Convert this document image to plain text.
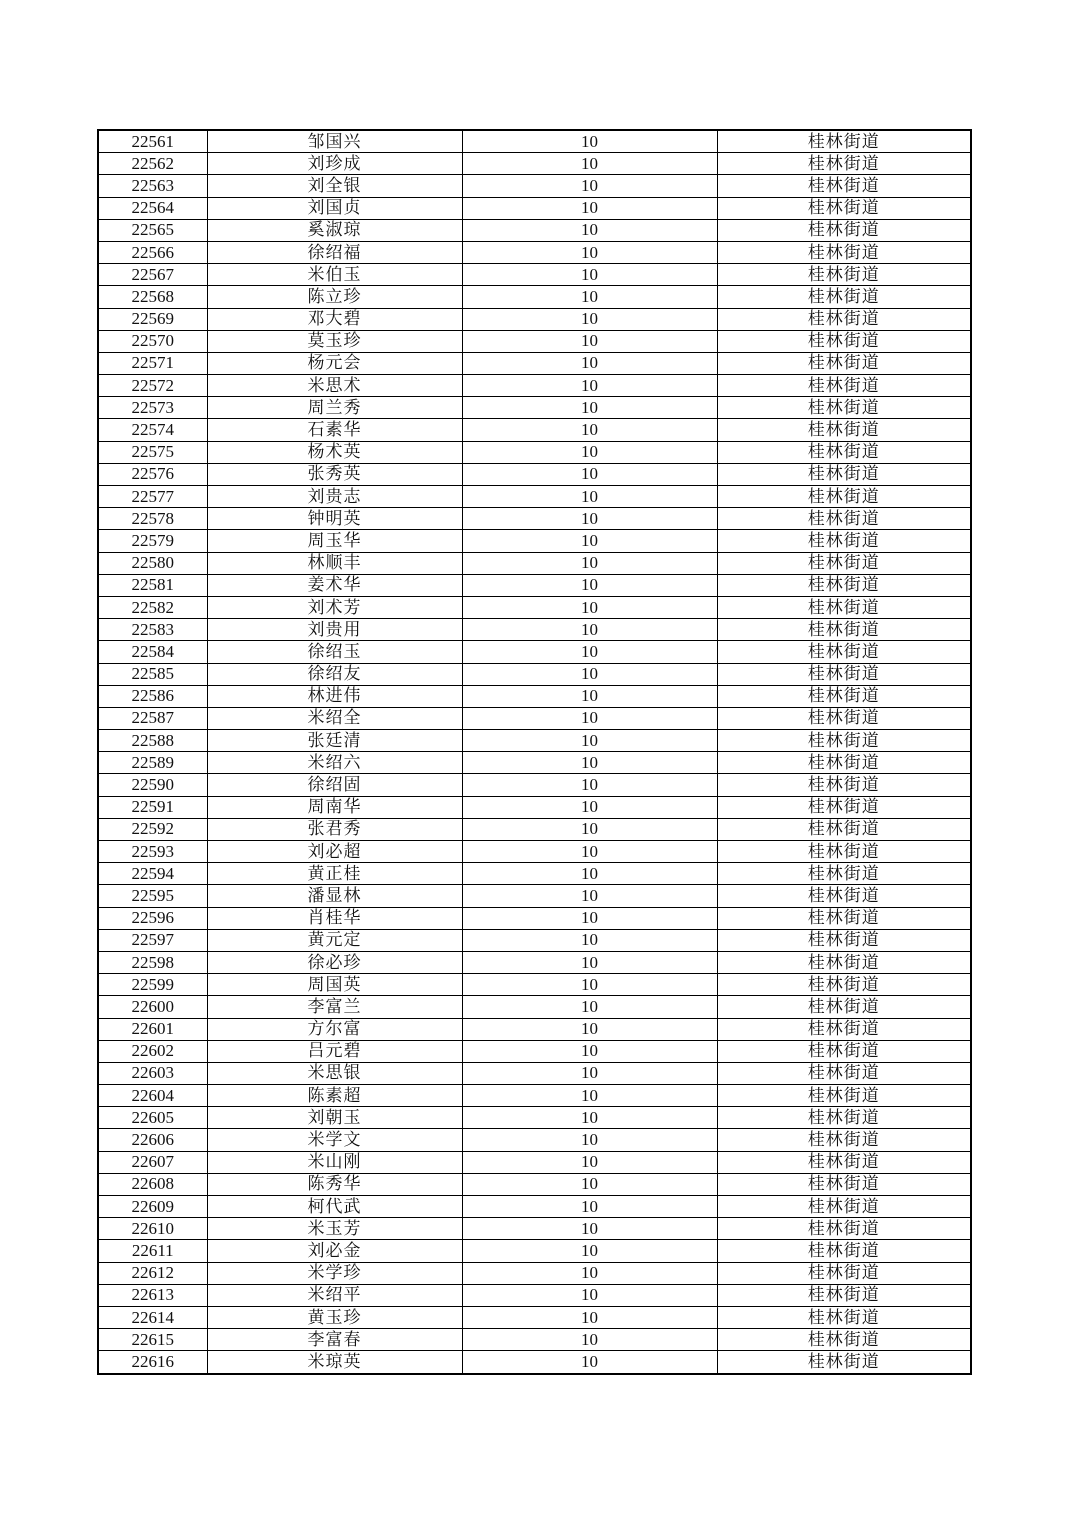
22561	邹国兴	10	桂林街道
22562	刘珍成	10	桂林街道
22563	刘全银	10	桂林街道
22564	刘国贞	10	桂林街道
22565	奚淑琼	10	桂林街道
22566	徐绍福	10	桂林街道
22567	米伯玉	10	桂林街道
22568	陈立珍	10	桂林街道
22569	邓大碧	10	桂林街道
22570	莫玉珍	10	桂林街道
22571	杨元会	10	桂林街道
22572	米思术	10	桂林街道
22573	周兰秀	10	桂林街道
22574	石素华	10	桂林街道
22575	杨术英	10	桂林街道
22576	张秀英	10	桂林街道
22577	刘贵志	10	桂林街道
22578	钟明英	10	桂林街道
22579	周玉华	10	桂林街道
22580	林顺丰	10	桂林街道
22581	姜术华	10	桂林街道
22582	刘术芳	10	桂林街道
22583	刘贵用	10	桂林街道
22584	徐绍玉	10	桂林街道
22585	徐绍友	10	桂林街道
22586	林进伟	10	桂林街道
22587	米绍全	10	桂林街道
22588	张廷清	10	桂林街道
22589	米绍六	10	桂林街道
22590	徐绍固	10	桂林街道
22591	周南华	10	桂林街道
22592	张君秀	10	桂林街道
22593	刘必超	10	桂林街道
22594	黄正桂	10	桂林街道
22595	潘显林	10	桂林街道
22596	肖桂华	10	桂林街道
22597	黄元定	10	桂林街道
22598	徐必珍	10	桂林街道
22599	周国英	10	桂林街道
22600	李富兰	10	桂林街道
22601	方尔富	10	桂林街道
22602	吕元碧	10	桂林街道
22603	米思银	10	桂林街道
22604	陈素超	10	桂林街道
22605	刘朝玉	10	桂林街道
22606	米学文	10	桂林街道
22607	米山刚	10	桂林街道
22608	陈秀华	10	桂林街道
22609	柯代武	10	桂林街道
22610	米玉芳	10	桂林街道
22611	刘必金	10	桂林街道
22612	米学珍	10	桂林街道
22613	米绍平	10	桂林街道
22614	黄玉珍	10	桂林街道
22615	李富春	10	桂林街道
22616	米琼英	10	桂林街道
